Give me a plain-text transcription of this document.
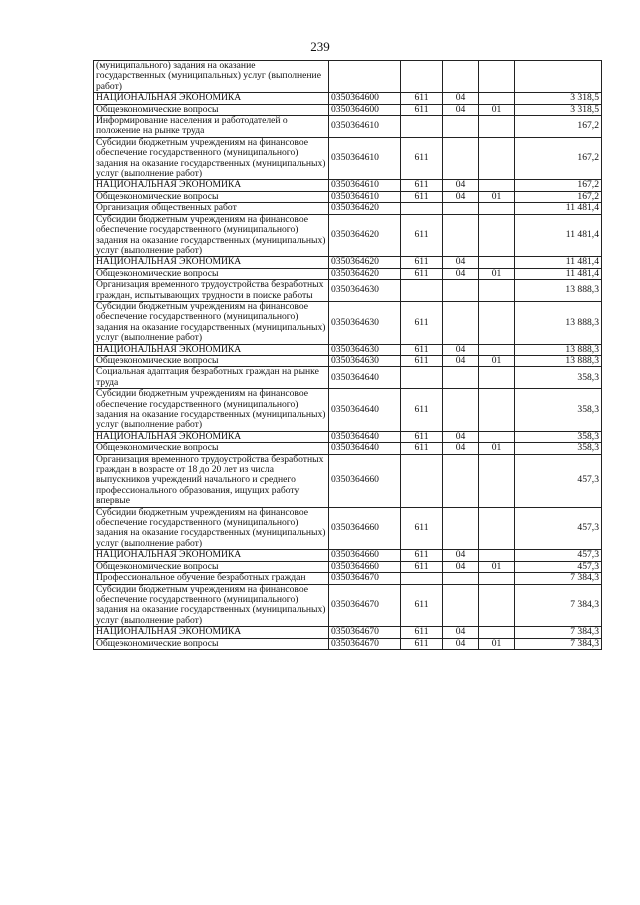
239
(муниципального) задания на оказание государственных (муниципальных) услуг (выполнение работ)					
НАЦИОНАЛЬНАЯ ЭКОНОМИКА	0350364600	611	04		3 318,5
Общеэкономические вопросы	0350364600	611	04	01	3 318,5
Информирование населения и работодателей о положение на рынке труда	0350364610				167,2
Субсидии бюджетным учреждениям на финансовое обеспечение государственного (муниципального) задания на оказание государственных (муниципальных) услуг (выполнение работ)	0350364610	611			167,2
НАЦИОНАЛЬНАЯ ЭКОНОМИКА	0350364610	611	04		167,2
Общеэкономические вопросы	0350364610	611	04	01	167,2
Организация общественных работ	0350364620				11 481,4
Субсидии бюджетным учреждениям на финансовое обеспечение государственного (муниципального) задания на оказание государственных (муниципальных) услуг (выполнение работ)	0350364620	611			11 481,4
НАЦИОНАЛЬНАЯ ЭКОНОМИКА	0350364620	611	04		11 481,4
Общеэкономические вопросы	0350364620	611	04	01	11 481,4
Организация временного трудоустройства безработных граждан, испытывающих трудности в поиске работы	0350364630				13 888,3
Субсидии бюджетным учреждениям на финансовое обеспечение государственного (муниципального) задания на оказание государственных (муниципальных) услуг (выполнение работ)	0350364630	611			13 888,3
НАЦИОНАЛЬНАЯ ЭКОНОМИКА	0350364630	611	04		13 888,3
Общеэкономические вопросы	0350364630	611	04	01	13 888,3
Социальная адаптация безработных граждан на рынке труда	0350364640				358,3
Субсидии бюджетным учреждениям на финансовое обеспечение государственного (муниципального) задания на оказание государственных (муниципальных) услуг (выполнение работ)	0350364640	611			358,3
НАЦИОНАЛЬНАЯ ЭКОНОМИКА	0350364640	611	04		358,3
Общеэкономические вопросы	0350364640	611	04	01	358,3
Организация временного трудоустройства безработных граждан в возрасте от 18 до 20 лет из числа выпускников учреждений начального и среднего профессионального образования, ищущих работу впервые	0350364660				457,3
Субсидии бюджетным учреждениям на финансовое обеспечение государственного (муниципального) задания на оказание государственных (муниципальных) услуг (выполнение работ)	0350364660	611			457,3
НАЦИОНАЛЬНАЯ ЭКОНОМИКА	0350364660	611	04		457,3
Общеэкономические вопросы	0350364660	611	04	01	457,3
Профессиональное обучение безработных граждан	0350364670				7 384,3
Субсидии бюджетным учреждениям на финансовое обеспечение государственного (муниципального) задания на оказание государственных (муниципальных) услуг (выполнение работ)	0350364670	611			7 384,3
НАЦИОНАЛЬНАЯ ЭКОНОМИКА	0350364670	611	04		7 384,3
Общеэкономические вопросы	0350364670	611	04	01	7 384,3
